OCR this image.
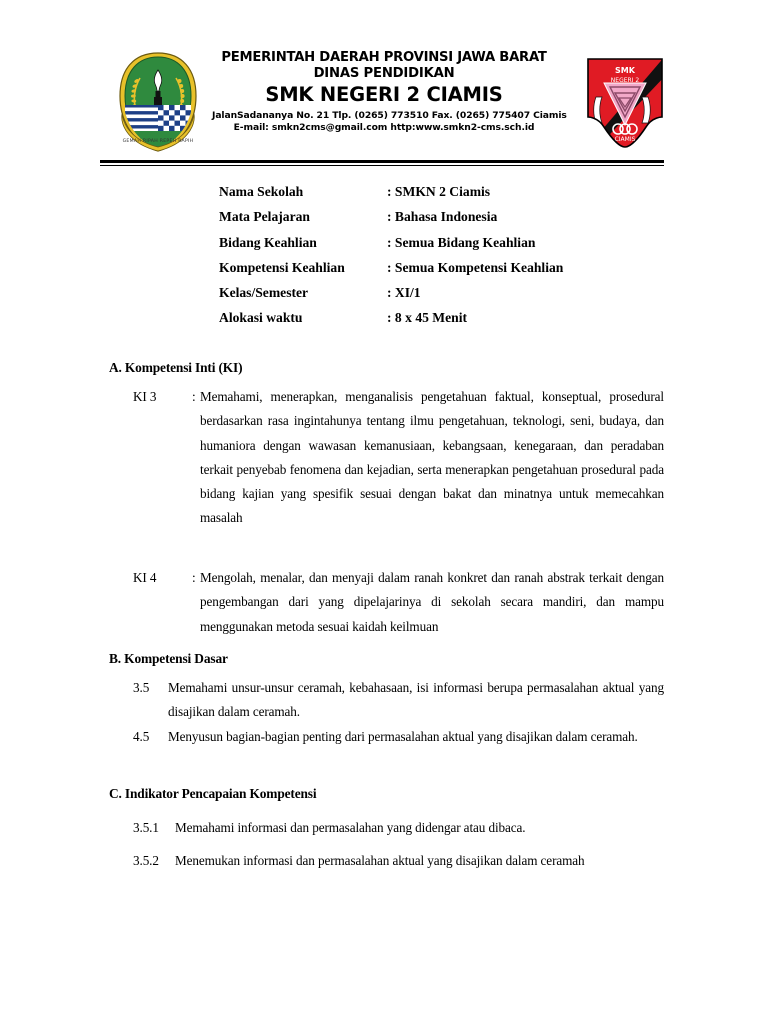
GEMAH RIPAH REPEH RAPIH
PEMERINTAH DAERAH PROVINSI JAWA BARAT
DINAS PENDIDIKAN
SMK NEGERI 2 CIAMIS
JalanSadananya No. 21 Tlp. (0265) 773510 Fax. (0265) 775407 Ciamis
E-mail: smkn2cms@gmail.com http:www.smkn2-cms.sch.id
SMK
NEGERI 2
CIAMIS
Nama Sekolah	: SMKN 2 Ciamis
Mata Pelajaran	: Bahasa Indonesia
Bidang Keahlian	: Semua Bidang Keahlian
Kompetensi Keahlian	: Semua Kompetensi Keahlian
Kelas/Semester	: XI/1
Alokasi waktu	: 8 x 45 Menit
A. Kompetensi Inti (KI)
KI 3	: Memahami, menerapkan, menganalisis pengetahuan faktual, konseptual, prosedural berdasarkan rasa ingintahunya tentang ilmu pengetahuan, teknologi, seni, budaya, dan humaniora dengan wawasan kemanusiaan, kebangsaan, kenegaraan, dan peradaban terkait penyebab fenomena dan kejadian, serta menerapkan pengetahuan prosedural pada bidang kajian yang spesifik sesuai dengan bakat dan minatnya untuk memecahkan masalah
KI 4	: Mengolah, menalar, dan menyaji dalam ranah konkret dan ranah abstrak terkait dengan pengembangan dari yang dipelajarinya di sekolah secara mandiri, dan mampu menggunakan metoda sesuai kaidah keilmuan
B. Kompetensi Dasar
3.5	Memahami unsur-unsur ceramah, kebahasaan, isi informasi berupa permasalahan aktual yang disajikan dalam ceramah.
4.5	Menyusun bagian-bagian penting dari permasalahan aktual yang disajikan dalam ceramah.
C. Indikator Pencapaian Kompetensi
3.5.1	Memahami informasi dan permasalahan yang didengar atau dibaca.
3.5.2	Menemukan informasi dan permasalahan aktual yang disajikan dalam ceramah
